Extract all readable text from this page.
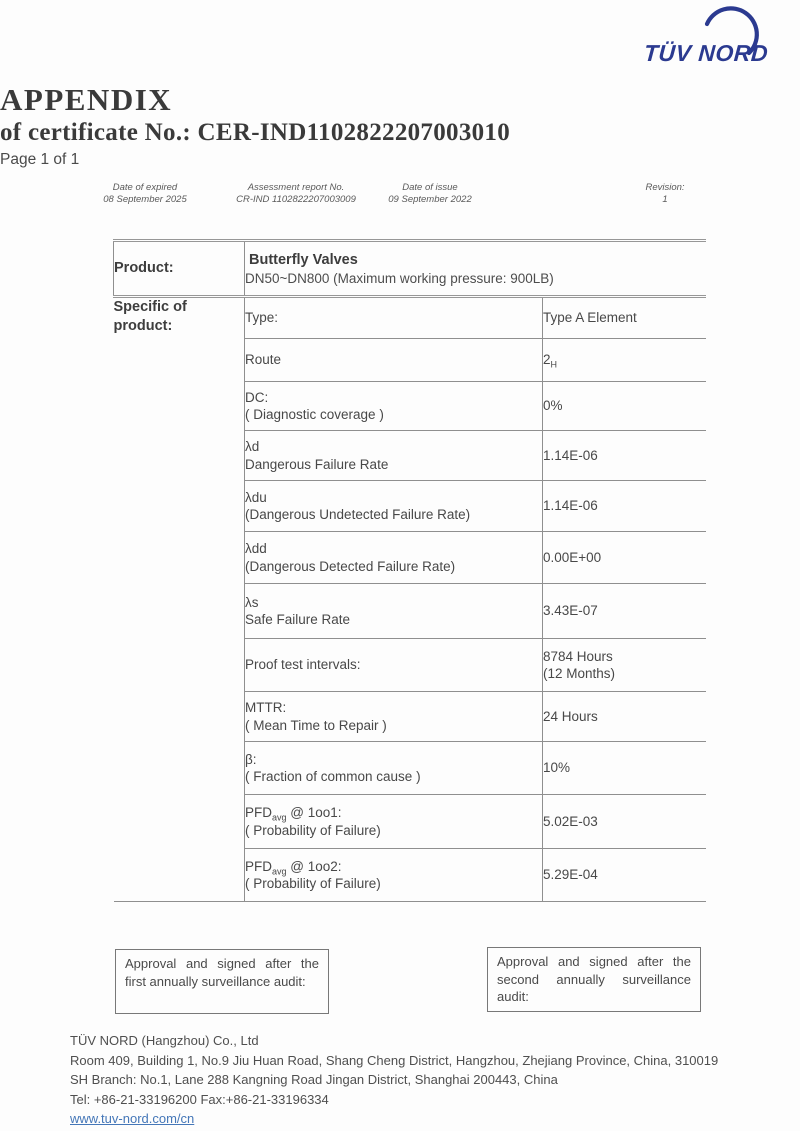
TÜV NORD
APPENDIX
of certificate No.: CER-IND1102822207003010
Page 1 of 1
Date of expired
08 September 2025
Assessment report No.
CR-IND 1102822207003009
Date of issue
09 September 2022
Revision:
1
Product:	Butterfly Valves
DN50~DN800 (Maximum working pressure: 900LB)	

Specific of product:	Type:	Type A Element

	Route	$2_H$

	DC:
( Diagnostic coverage )	0%

	λd
Dangerous Failure Rate	1.14E-06

	λdu
(Dangerous Undetected Failure Rate)	1.14E-06

	λdd
(Dangerous Detected Failure Rate)	0.00E+00

	λs
Safe Failure Rate	3.43E-07

	Proof test intervals:	8784 Hours
(12 Months)

	MTTR:
( Mean Time to Repair )	24 Hours

	β:
( Fraction of common cause )	10%

	$PFD_{avg}$ @ 1oo1:
( Probability of Failure)	5.02E-03

	$PFD_{avg}$ @ 1oo2:
( Probability of Failure)	5.29E-04
Approval and signed after the first annually surveillance audit:
Approval and signed after the second annually surveillance audit:
TÜV NORD (Hangzhou) Co., Ltd
Room 409, Building 1, No.9 Jiu Huan Road, Shang Cheng District, Hangzhou, Zhejiang Province, China, 310019
SH Branch: No.1, Lane 288 Kangning Road Jingan District, Shanghai 200443, China
Tel: +86-21-33196200 Fax:+86-21-33196334
www.tuv-nord.com/cn
